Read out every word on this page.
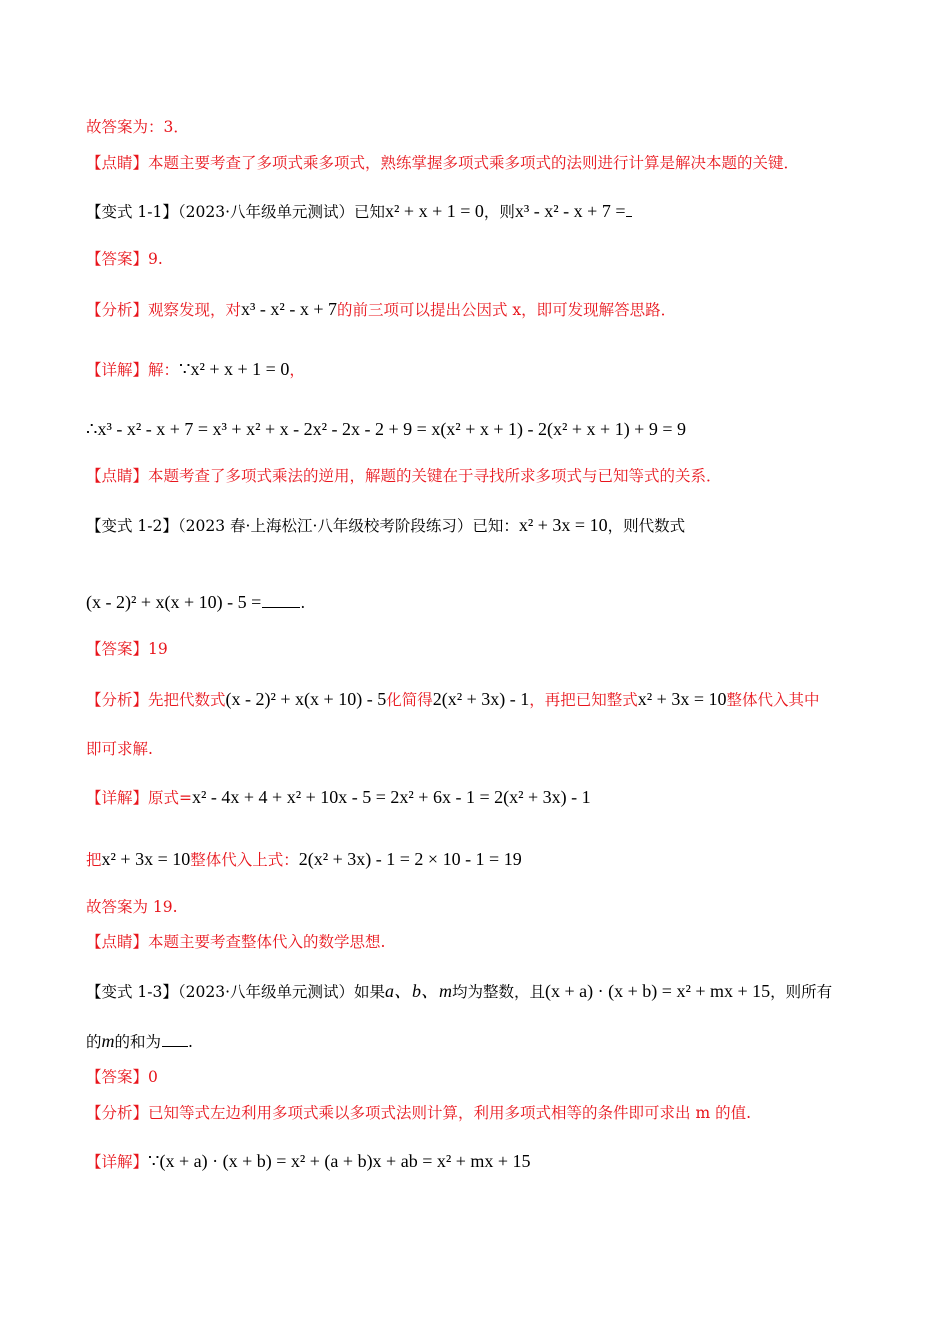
故答案为：3．
【点睛】本题主要考查了多项式乘多项式，熟练掌握多项式乘多项式的法则进行计算是解决本题的关键．
【变式 1-1】（2023·八年级单元测试）已知x² + x + 1 = 0，则x³ - x² - x + 7 =
【答案】9.
【分析】观察发现，对x³ - x² - x + 7的前三项可以提出公因式 x，即可发现解答思路．
【详解】解：∵x² + x + 1 = 0，
∴x³ - x² - x + 7 = x³ + x² + x - 2x² - 2x - 2 + 9 = x(x² + x + 1) - 2(x² + x + 1) + 9 = 9
【点睛】本题考查了多项式乘法的逆用，解题的关键在于寻找所求多项式与已知等式的关系．
【变式 1-2】（2023 春·上海松江·八年级校考阶段练习）已知：x² + 3x = 10，则代数式
(x - 2)² + x(x + 10) - 5 =	.
【答案】19
【分析】先把代数式(x - 2)² + x(x + 10) - 5化简得2(x² + 3x) - 1，再把已知整式x² + 3x = 10整体代入其中
即可求解.
【详解】原式=x² - 4x + 4 + x² + 10x - 5 = 2x² + 6x - 1 = 2(x² + 3x) - 1
把x² + 3x = 10整体代入上式：2(x² + 3x) - 1 = 2 × 10 - 1 = 19
故答案为 19.
【点睛】本题主要考查整体代入的数学思想.
【变式 1-3】（2023·八年级单元测试）如果a、b、m均为整数，且(x + a) · (x + b) = x² + mx + 15，则所有
的m的和为 .
【答案】0
【分析】已知等式左边利用多项式乘以多项式法则计算，利用多项式相等的条件即可求出 m 的值.
【详解】∵(x + a) · (x + b) = x² + (a + b)x + ab = x² + mx + 15
